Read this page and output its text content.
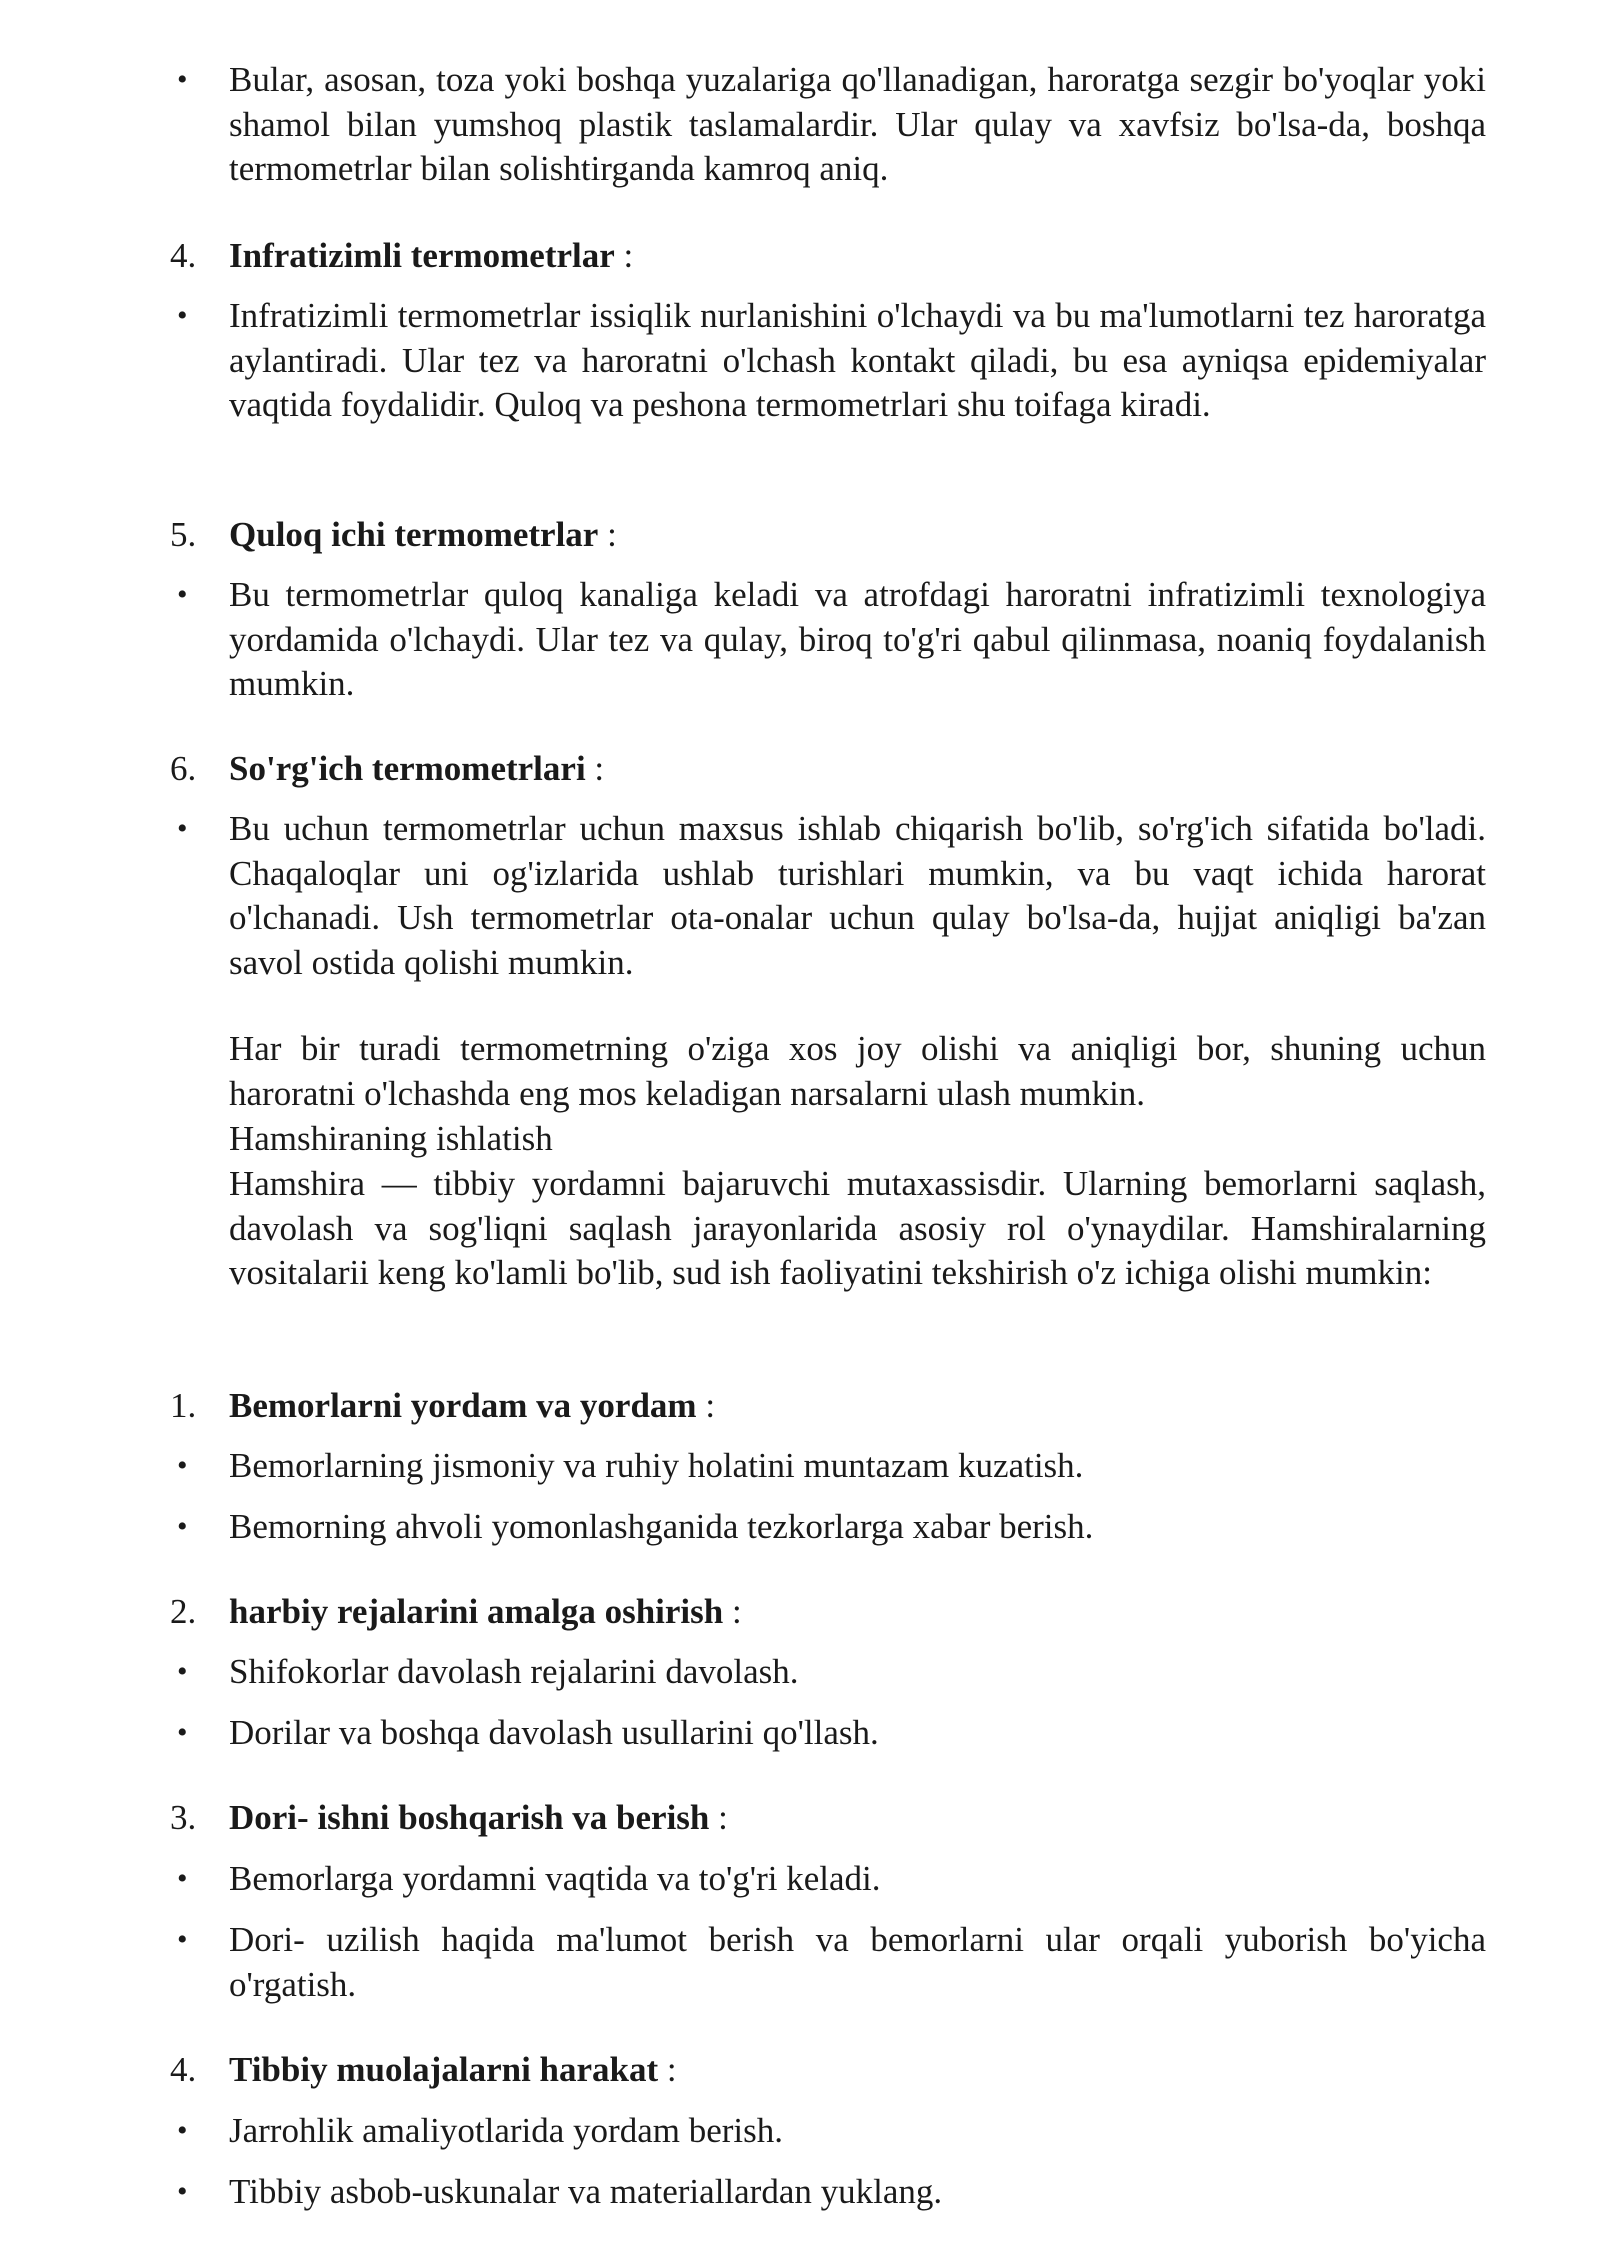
•	Bular, asosan, toza yoki boshqa yuzalariga qo'llanadigan, haroratga sezgir bo'yoqlar yoki shamol bilan yumshoq plastik taslamalardir. Ular qulay va xavfsiz bo'lsa-da, boshqa termometrlar bilan solishtirganda kamroq aniq.
4. Infratizimli termometrlar :
•	Infratizimli termometrlar issiqlik nurlanishini o'lchaydi va bu ma'lumotlarni tez haroratga aylantiradi. Ular tez va haroratni o'lchash kontakt qiladi, bu esa ayniqsa epidemiyalar vaqtida foydalidir. Quloq va peshona termometrlari shu toifaga kiradi.
5. Quloq ichi termometrlar :
•	Bu termometrlar quloq kanaliga keladi va atrofdagi haroratni infratizimli texnologiya yordamida o'lchaydi. Ular tez va qulay, biroq to'g'ri qabul qilinmasa, noaniq foydalanish mumkin.
6. So'rg'ich termometrlari :
•	Bu uchun termometrlar uchun maxsus ishlab chiqarish bo'lib, so'rg'ich sifatida bo'ladi. Chaqaloqlar uni og'izlarida ushlab turishlari mumkin, va bu vaqt ichida harorat o'lchanadi. Ush termometrlar ota-onalar uchun qulay bo'lsa-da, hujjat aniqligi ba'zan savol ostida qolishi mumkin.
Har bir turadi termometrning o'ziga xos joy olishi va aniqligi bor, shuning uchun haroratni o'lchashda eng mos keladigan narsalarni ulash mumkin.
Hamshiraning ishlatish
Hamshira — tibbiy yordamni bajaruvchi mutaxassisdir. Ularning bemorlarni saqlash, davolash va sog'liqni saqlash jarayonlarida asosiy rol o'ynaydilar. Hamshiralarning vositalarii keng ko'lamli bo'lib, sud ish faoliyatini tekshirish o'z ichiga olishi mumkin:
1. Bemorlarni yordam va yordam :
•	Bemorlarning jismoniy va ruhiy holatini muntazam kuzatish.
•	Bemorning ahvoli yomonlashganida tezkorlarga xabar berish.
2. harbiy rejalarini amalga oshirish :
•	Shifokorlar davolash rejalarini davolash.
•	Dorilar va boshqa davolash usullarini qo'llash.
3. Dori- ishni boshqarish va berish :
•	Bemorlarga yordamni vaqtida va to'g'ri keladi.
•	Dori- uzilish haqida ma'lumot berish va bemorlarni ular orqali yuborish bo'yicha o'rgatish.
4. Tibbiy muolajalarni harakat :
•	Jarrohlik amaliyotlarida yordam berish.
•	Tibbiy asbob-uskunalar va materiallardan yuklang.
